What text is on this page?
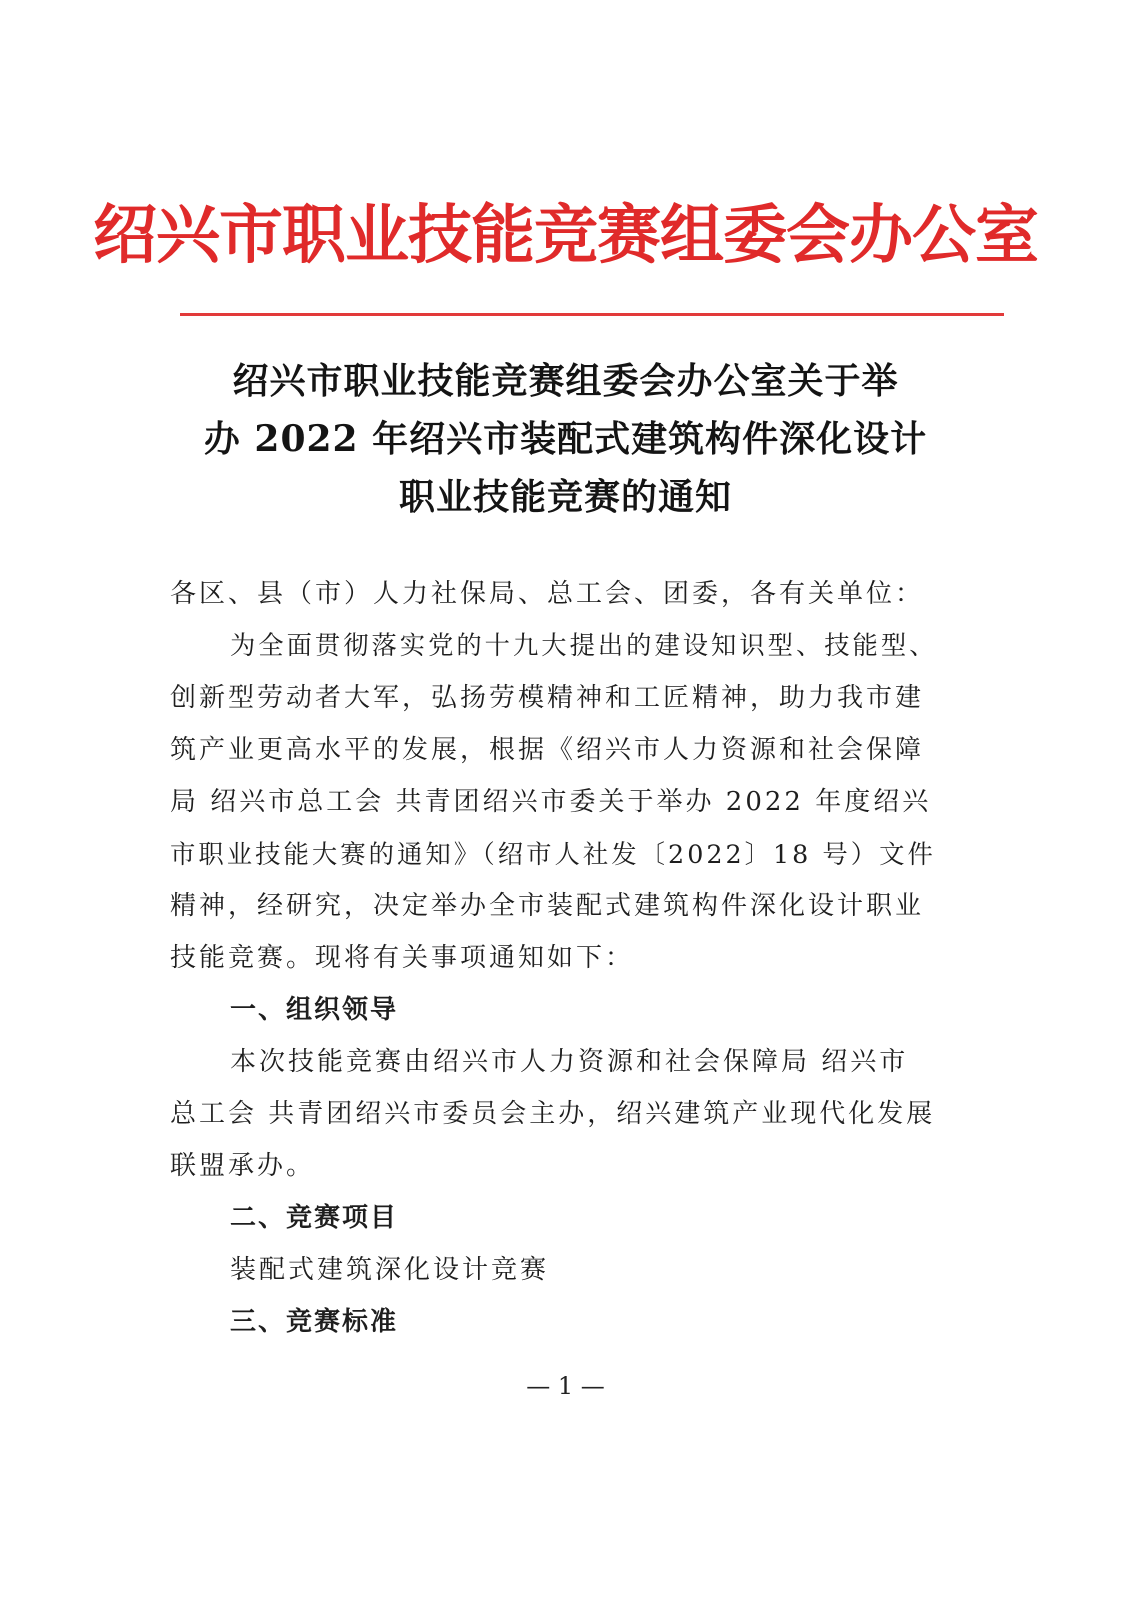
绍兴市职业技能竞赛组委会办公室
绍兴市职业技能竞赛组委会办公室关于举
办 2022 年绍兴市装配式建筑构件深化设计
职业技能竞赛的通知
各区、县（市）人力社保局、总工会、团委，各有关单位：
为全面贯彻落实党的十九大提出的建设知识型、技能型、
创新型劳动者大军，弘扬劳模精神和工匠精神，助力我市建
筑产业更高水平的发展，根据《绍兴市人力资源和社会保障
局 绍兴市总工会 共青团绍兴市委关于举办 2022 年度绍兴
市职业技能大赛的通知》（绍市人社发〔2022〕18 号）文件
精神，经研究，决定举办全市装配式建筑构件深化设计职业
技能竞赛。现将有关事项通知如下：
一、组织领导
本次技能竞赛由绍兴市人力资源和社会保障局 绍兴市
总工会 共青团绍兴市委员会主办，绍兴建筑产业现代化发展
联盟承办。
二、竞赛项目
装配式建筑深化设计竞赛
三、竞赛标准
— 1 —
